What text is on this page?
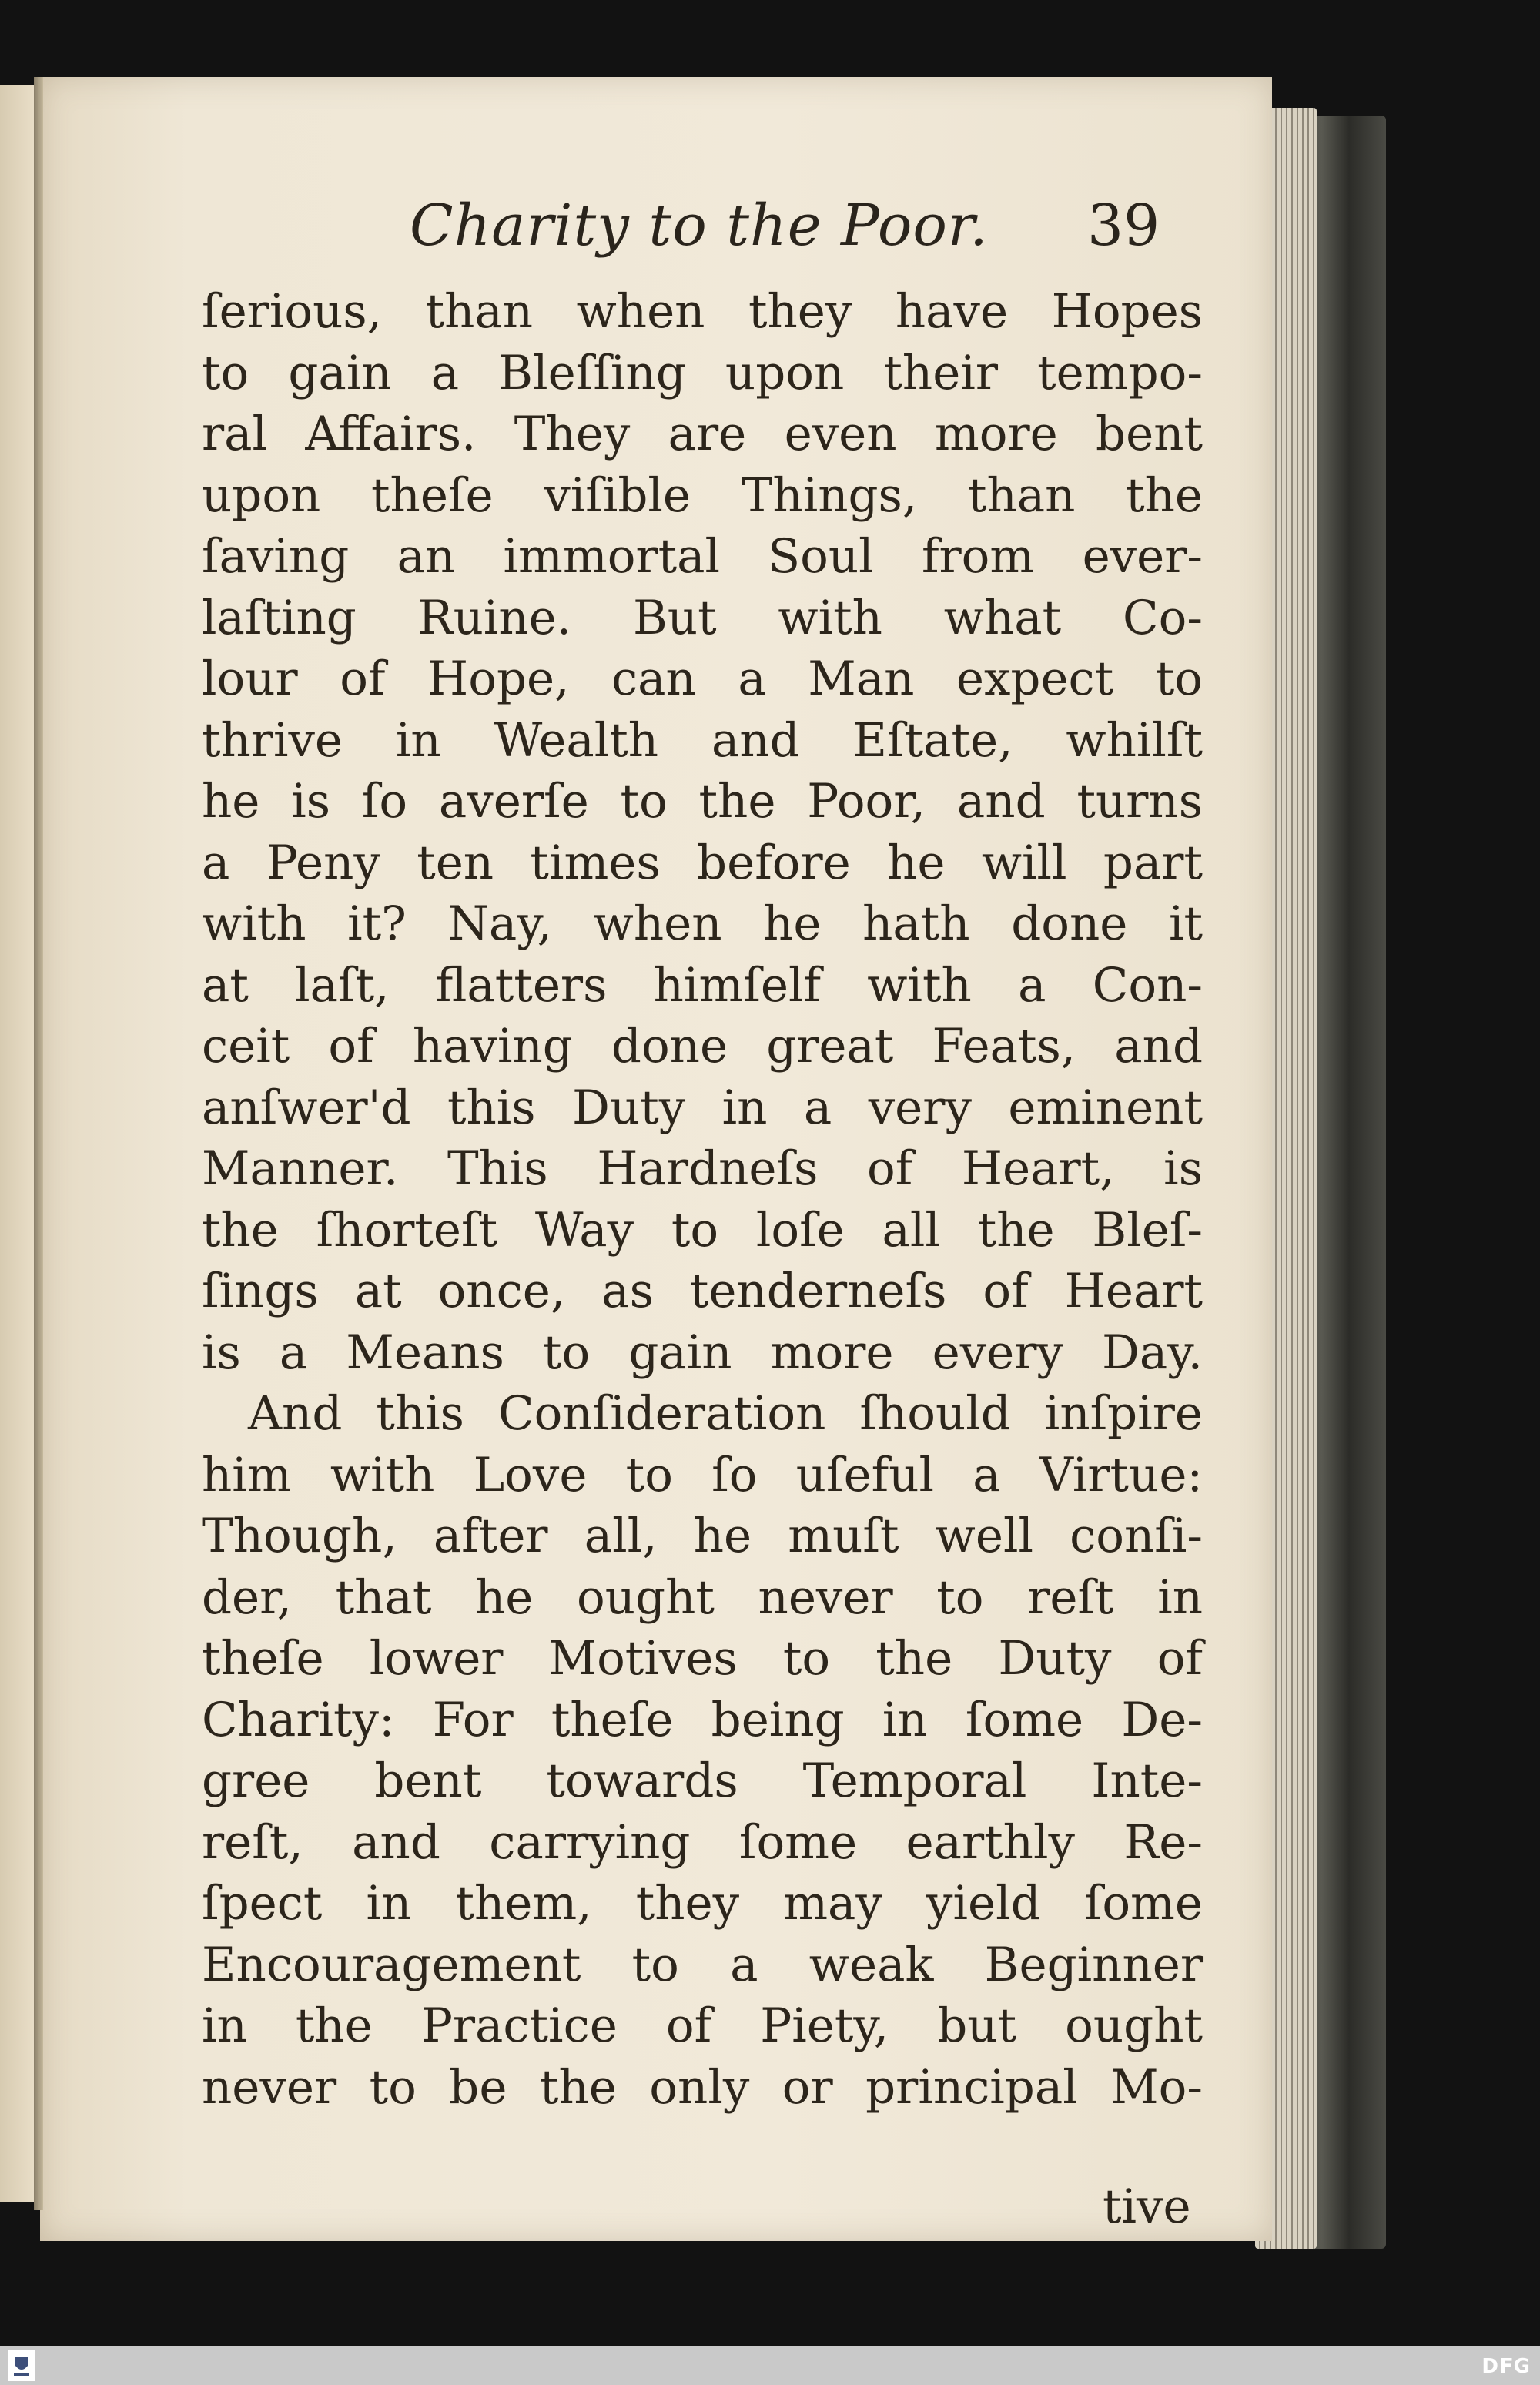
Charity to the Poor. 39
ſerious, than when they have Hopes
to gain a Bleſſing upon their tempo-
ral Affairs. They are even more bent
upon theſe viſible Things, than the
ſaving an immortal Soul from ever-
laſting Ruine. But with what Co-
lour of Hope, can a Man expect to
thrive in Wealth and Eſtate, whilſt
he is ſo averſe to the Poor, and turns
a Peny ten times before he will part
with it? Nay, when he hath done it
at laſt, flatters himſelf with a Con-
ceit of having done great Feats, and
anſwer'd this Duty in a very eminent
Manner. This Hardneſs of Heart, is
the ſhorteſt Way to loſe all the Bleſ-
ſings at once, as tenderneſs of Heart
is a Means to gain more every Day.
And this Conſideration ſhould inſpire
him with Love to ſo uſeful a Virtue:
Though, after all, he muſt well conſi-
der, that he ought never to reſt in
theſe lower Motives to the Duty of
Charity: For theſe being in ſome De-
gree bent towards Temporal Inte-
reſt, and carrying ſome earthly Re-
ſpect in them, they may yield ſome
Encouragement to a weak Beginner
in the Practice of Piety, but ought
never to be the only or principal Mo-
tive
DFG
